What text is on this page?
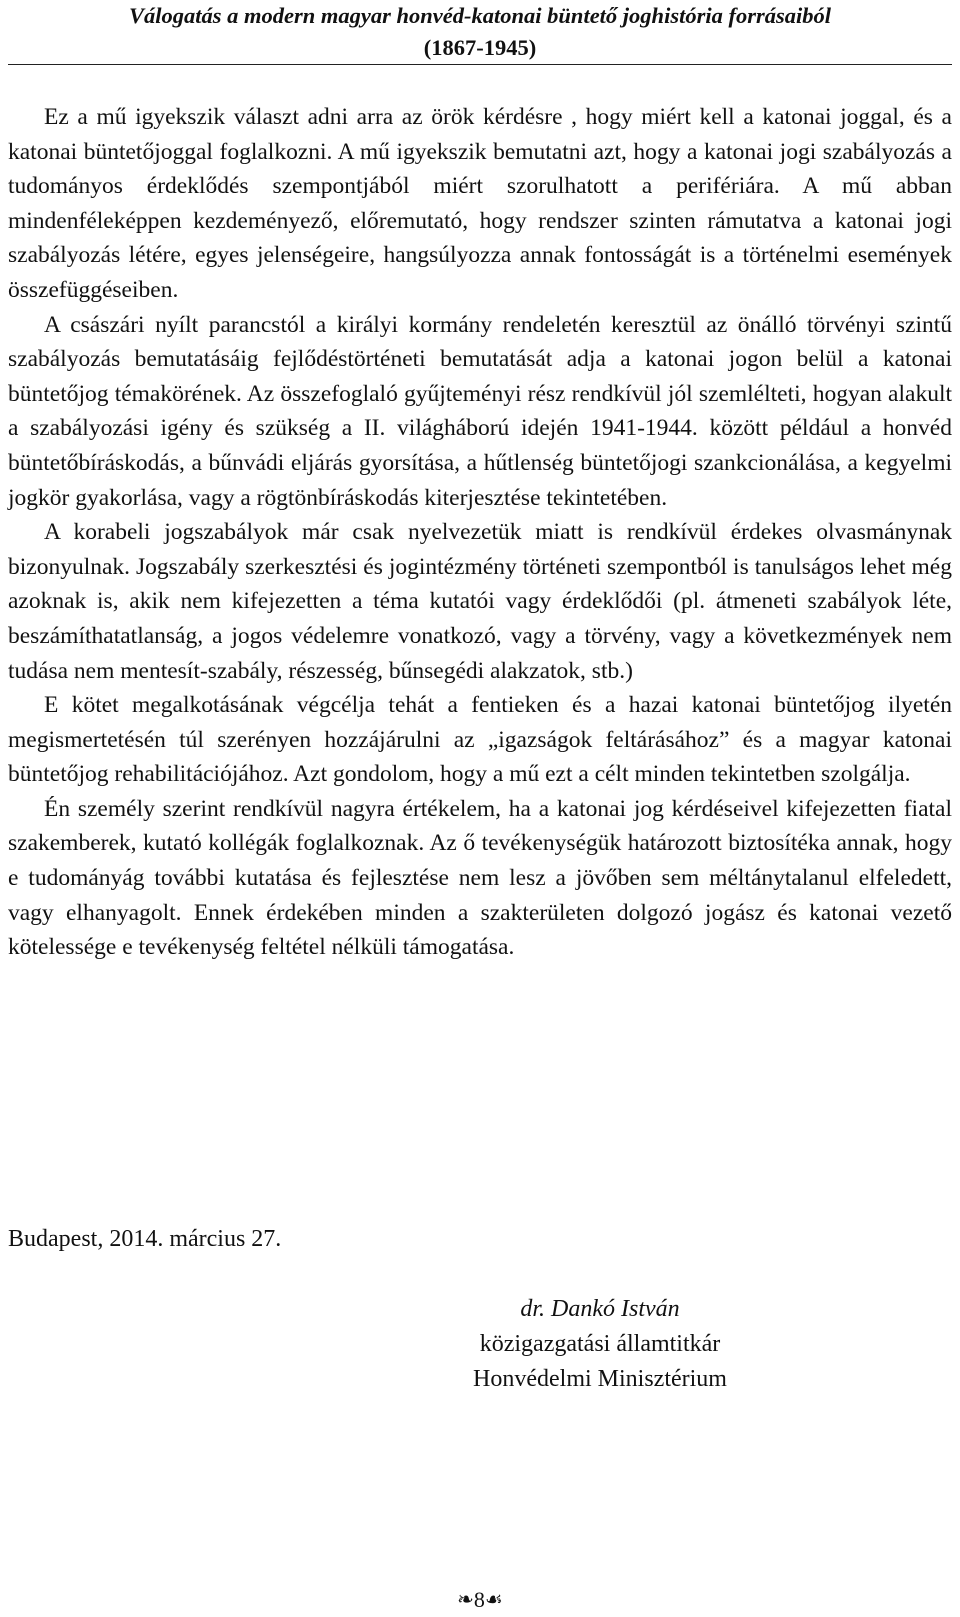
Válogatás a modern magyar honvéd-katonai büntető joghistória forrásaiból
(1867-1945)

Ez a mű igyekszik választ adni arra az örök kérdésre , hogy miért kell a katonai joggal, és a katonai büntetőjoggal foglalkozni. A mű igyekszik bemutatni azt, hogy a katonai jogi szabályozás a tudományos érdeklődés szempontjából miért szorulhatott a perifériára. A mű abban mindenféleképpen kezdeményező, előremutató, hogy rendszer szinten rámutatva a katonai jogi szabályozás létére, egyes jelenségeire, hangsúlyozza annak fontosságát is a történelmi események összefüggéseiben.

A császári nyílt parancstól a királyi kormány rendeletén keresztül az önálló törvényi szintű szabályozás bemutatásáig fejlődéstörténeti bemutatását adja a katonai jogon belül a katonai büntetőjog témakörének. Az összefoglaló gyűjteményi rész rendkívül jól szemlélteti, hogyan alakult a szabályozási igény és szükség a II. világháború idején 1941-1944. között például a honvéd büntetőbíráskodás, a bűnvádi eljárás gyorsítása, a hűtlenség büntetőjogi szankcionálása, a kegyelmi jogkör gyakorlása, vagy a rögtönbíráskodás kiterjesztése tekintetében.

A korabeli jogszabályok már csak nyelvezetük miatt is rendkívül érdekes olvasmánynak bizonyulnak. Jogszabály szerkesztési és jogintézmény történeti szempontból is tanulságos lehet még azoknak is, akik nem kifejezetten a téma kutatói vagy érdeklődői (pl. átmeneti szabályok léte, beszámíthatatlanság, a jogos védelemre vonatkozó, vagy a törvény, vagy a következmények nem tudása nem mentesít-szabály, részesség, bűnsegédi alakzatok, stb.)

E kötet megalkotásának végcélja tehát a fentieken és a hazai katonai büntetőjog ilyetén megismertetésén túl szerényen hozzájárulni az „igazságok feltárásához” és a magyar katonai büntetőjog rehabilitációjához. Azt gondolom, hogy a mű ezt a célt minden tekintetben szolgálja.

Én személy szerint rendkívül nagyra értékelem, ha a katonai jog kérdéseivel kifejezetten fiatal szakemberek, kutató kollégák foglalkoznak. Az ő tevékenységük határozott biztosítéka annak, hogy e tudományág további kutatása és fejlesztése nem lesz a jövőben sem méltánytalanul elfeledett, vagy elhanyagolt. Ennek érdekében minden a szakterületen dolgozó jogász és katonai vezető kötelessége e tevékenység feltétel nélküli támogatása.

Budapest, 2014. március 27.
dr. Dankó István
közigazgatási államtitkár
Honvédelmi Minisztérium
❧8☙
